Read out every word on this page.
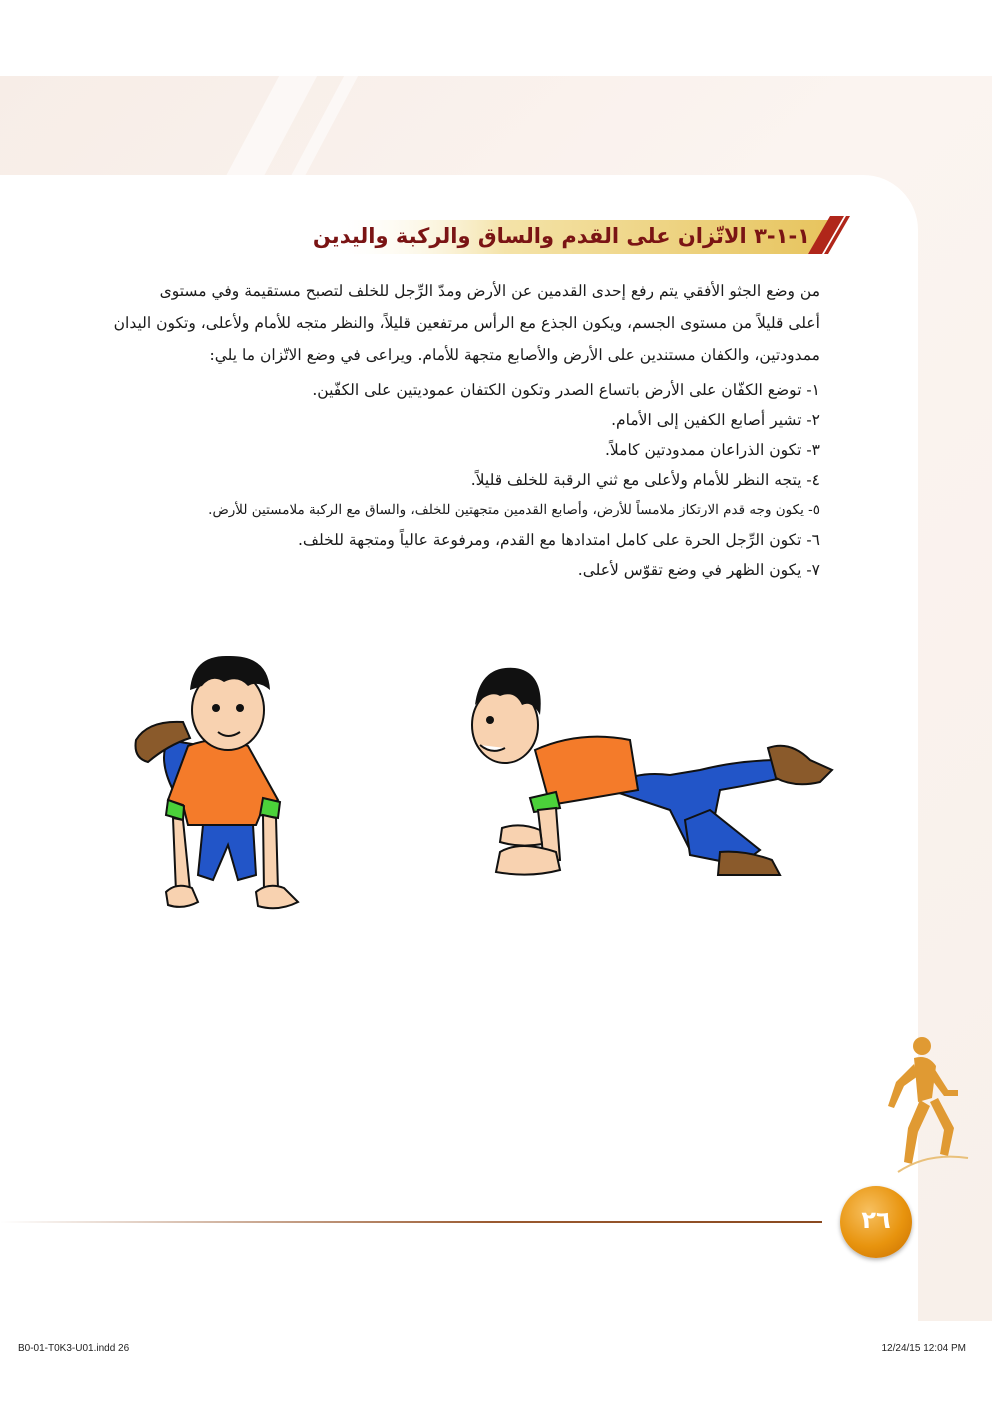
١-١-٣ الاتّزان على القدم والساق والركبة واليدين
من وضع الجثو الأفقي يتم رفع إحدى القدمين عن الأرض ومدّ الرِّجل للخلف لتصبح مستقيمة وفي مستوى
أعلى قليلاً من مستوى الجسم، ويكون الجذع مع الرأس مرتفعين قليلاً، والنظر متجه للأمام ولأعلى، وتكون اليدان
ممدودتين، والكفان مستندين على الأرض والأصابع متجهة للأمام. ويراعى في وضع الاتّزان ما يلي:
١- توضع الكفّان على الأرض باتساع الصدر وتكون الكتفان عموديتين على الكفّين.
٢- تشير أصابع الكفين إلى الأمام.
٣- تكون الذراعان ممدودتين كاملاً.
٤- يتجه النظر للأمام ولأعلى مع ثني الرقبة للخلف قليلاً.
٥- يكون وجه قدم الارتكاز ملامساً للأرض، وأصابع القدمين متجهتين للخلف، والساق مع الركبة ملامستين للأرض.
٦- تكون الرِّجل الحرة على كامل امتدادها مع القدم، ومرفوعة عالياً ومتجهة للخلف.
٧- يكون الظهر في وضع تقوّس لأعلى.
٢٦
B0-01-T0K3-U01.indd 26	12/24/15 12:04 PM
